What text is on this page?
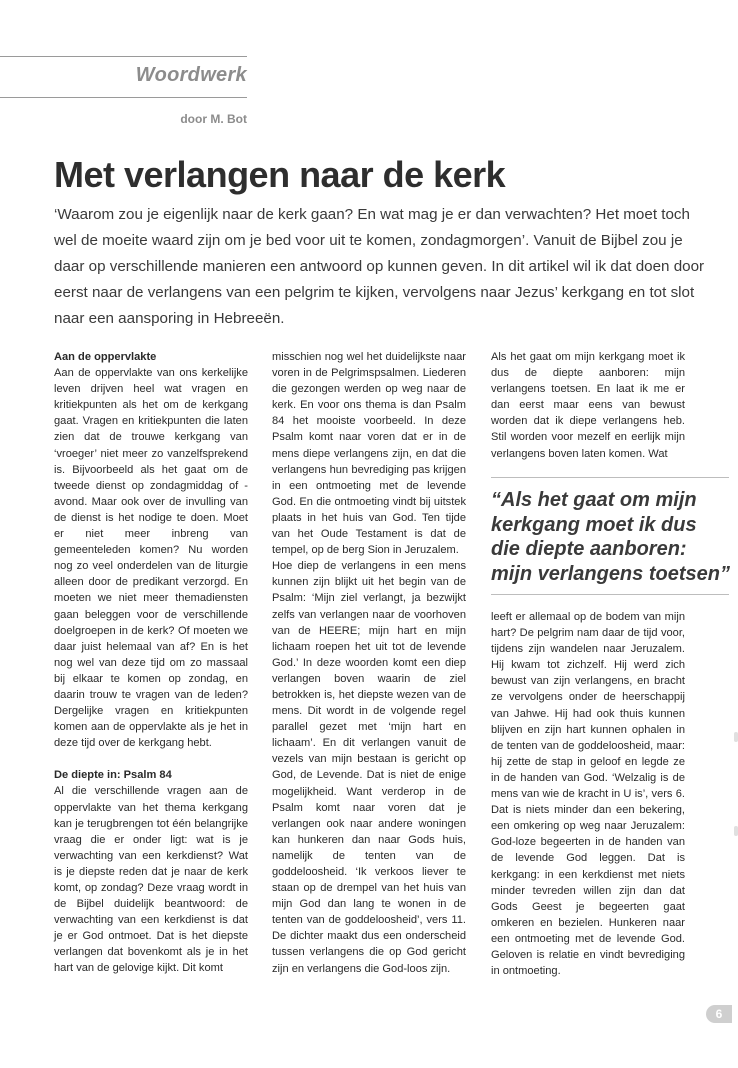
Woordwerk
door M. Bot
Met verlangen naar de kerk

‘Waarom zou je eigenlijk naar de kerk gaan? En wat mag je er dan verwachten? Het moet toch wel de moeite waard zijn om je bed voor uit te komen, zondagmorgen’. Vanuit de Bijbel zou je daar op verschillende manieren een antwoord op kunnen geven. In dit artikel wil ik dat doen door eerst naar de verlangens van een pelgrim te kijken, vervolgens naar Jezus’ kerkgang en tot slot naar een aansporing in Hebreeën.

Aan de oppervlakte

Aan de oppervlakte van ons kerkelijke leven drijven heel wat vragen en kritiekpunten als het om de kerkgang gaat. Vragen en kritiekpunten die laten zien dat de trouwe kerkgang van ‘vroeger’ niet meer zo vanzelfsprekend is. Bijvoorbeeld als het gaat om de tweede dienst op zondagmiddag of -avond. Maar ook over de invulling van de dienst is het nodige te doen. Moet er niet meer inbreng van gemeenteleden komen? Nu worden nog zo veel onderdelen van de liturgie alleen door de predikant verzorgd. En moeten we niet meer themadiensten gaan beleggen voor de verschillende doelgroepen in de kerk? Of moeten we daar juist helemaal van af? En is het nog wel van deze tijd om zo massaal bij elkaar te komen op zondag, en daarin trouw te vragen van de leden? Dergelijke vragen en kritiekpunten komen aan de oppervlakte als je het in deze tijd over de kerkgang hebt.

De diepte in: Psalm 84

Al die verschillende vragen aan de oppervlakte van het thema kerkgang kan je terugbrengen tot één belangrijke vraag die er onder ligt: wat is je verwachting van een kerkdienst? Wat is je diepste reden dat je naar de kerk komt, op zondag? Deze vraag wordt in de Bijbel duidelijk beantwoord: de verwachting van een kerkdienst is dat je er God ontmoet. Dat is het diepste verlangen dat bovenkomt als je in het hart van de gelovige kijkt. Dit komt

misschien nog wel het duidelijkste naar voren in de Pelgrimspsalmen. Liederen die gezongen werden op weg naar de kerk. En voor ons thema is dan Psalm 84 het mooiste voorbeeld. In deze Psalm komt naar voren dat er in de mens diepe verlangens zijn, en dat die verlangens hun bevrediging pas krijgen in een ontmoeting met de levende God. En die ontmoeting vindt bij uitstek plaats in het huis van God. Ten tijde van het Oude Testament is dat de tempel, op de berg Sion in Jeruzalem.

Hoe diep de verlangens in een mens kunnen zijn blijkt uit het begin van de Psalm: ‘Mijn ziel verlangt, ja bezwijkt zelfs van verlangen naar de voorhoven van de HEERE; mijn hart en mijn lichaam roepen het uit tot de levende God.’ In deze woorden komt een diep verlangen boven waarin de ziel betrokken is, het diepste wezen van de mens. Dit wordt in de volgende regel parallel gezet met ‘mijn hart en lichaam’. En dit verlangen vanuit de vezels van mijn bestaan is gericht op God, de Levende. Dat is niet de enige mogelijkheid. Want verderop in de Psalm komt naar voren dat je verlangen ook naar andere woningen kan hunkeren dan naar Gods huis, namelijk de tenten van de goddeloosheid. ‘Ik verkoos liever te staan op de drempel van het huis van mijn God dan lang te wonen in de tenten van de goddeloosheid’, vers 11. De dichter maakt dus een onderscheid tussen verlangens die op God gericht zijn en verlangens die God-loos zijn.

Als het gaat om mijn kerkgang moet ik dus de diepte aanboren: mijn verlangens toetsen. En laat ik me er dan eerst maar eens van bewust worden dat ik diepe verlangens heb. Stil worden voor mezelf en eerlijk mijn verlangens boven laten komen. Wat

“Als het gaat om mijn kerkgang moet ik dus die diepte aanboren: mijn verlangens toetsen”

leeft er allemaal op de bodem van mijn hart? De pelgrim nam daar de tijd voor, tijdens zijn wandelen naar Jeruzalem. Hij kwam tot zichzelf. Hij werd zich bewust van zijn verlangens, en bracht ze vervolgens onder de heerschappij van Jahwe. Hij had ook thuis kunnen blijven en zijn hart kunnen ophalen in de tenten van de goddeloosheid, maar: hij zette de stap in geloof en legde ze in de handen van God. ‘Welzalig is de mens van wie de kracht in U is’, vers 6. Dat is niets minder dan een bekering, een omkering op weg naar Jeruzalem: God-loze begeerten in de handen van de levende God leggen. Dat is kerkgang: in een kerkdienst met niets minder tevreden willen zijn dan dat Gods Geest je begeerten gaat omkeren en bezielen. Hunkeren naar een ontmoeting met de levende God. Geloven is relatie en vindt bevrediging in ontmoeting.

6
